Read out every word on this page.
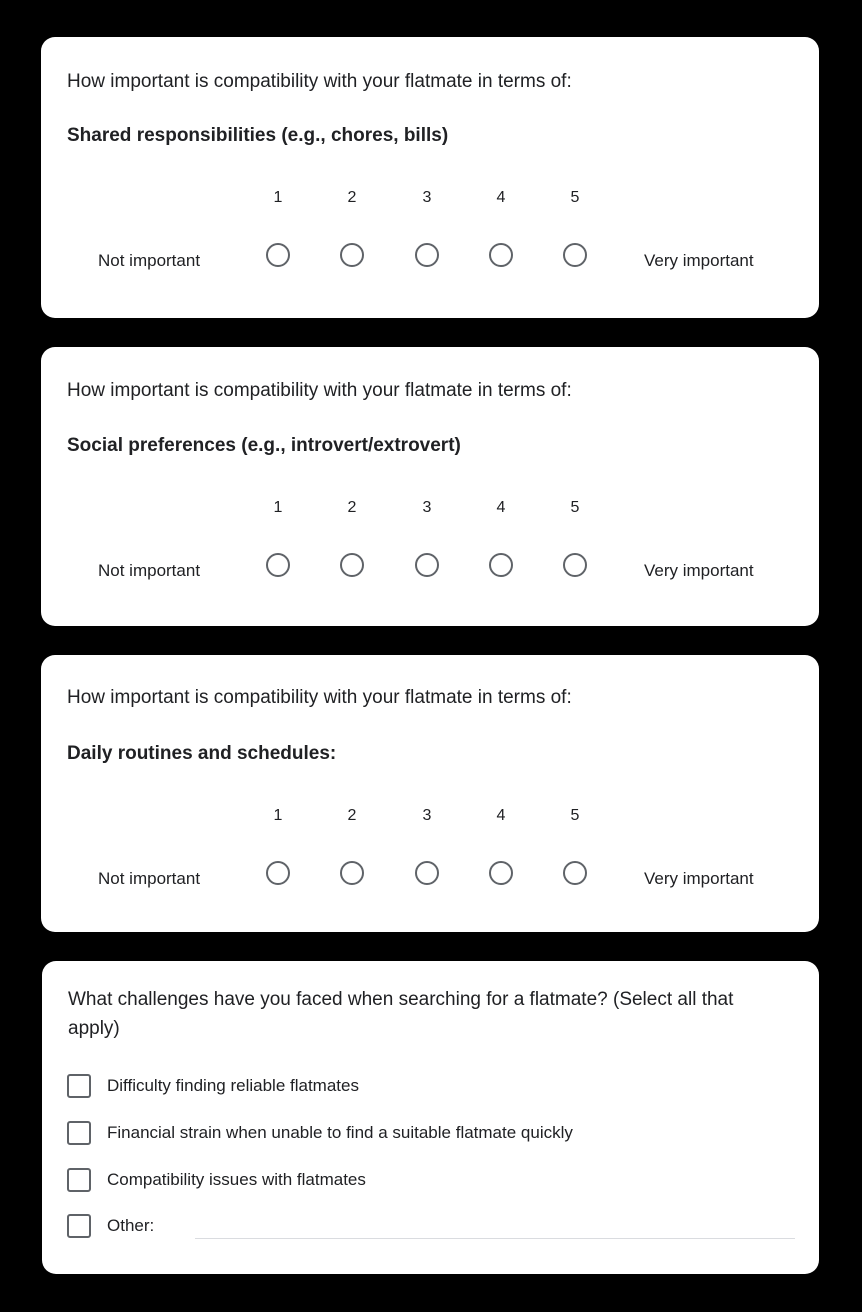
How important is compatibility with your flatmate in terms of:
Shared responsibilities (e.g., chores, bills)
1	2	3	4	5
Not important	Very important
How important is compatibility with your flatmate in terms of:
Social preferences (e.g., introvert/extrovert)
1	2	3	4	5
Not important	Very important
How important is compatibility with your flatmate in terms of:
Daily routines and schedules:
1	2	3	4	5
Not important	Very important
What challenges have you faced when searching for a flatmate? (Select all that apply)
Difficulty finding reliable flatmates
Financial strain when unable to find a suitable flatmate quickly
Compatibility issues with flatmates
Other:
